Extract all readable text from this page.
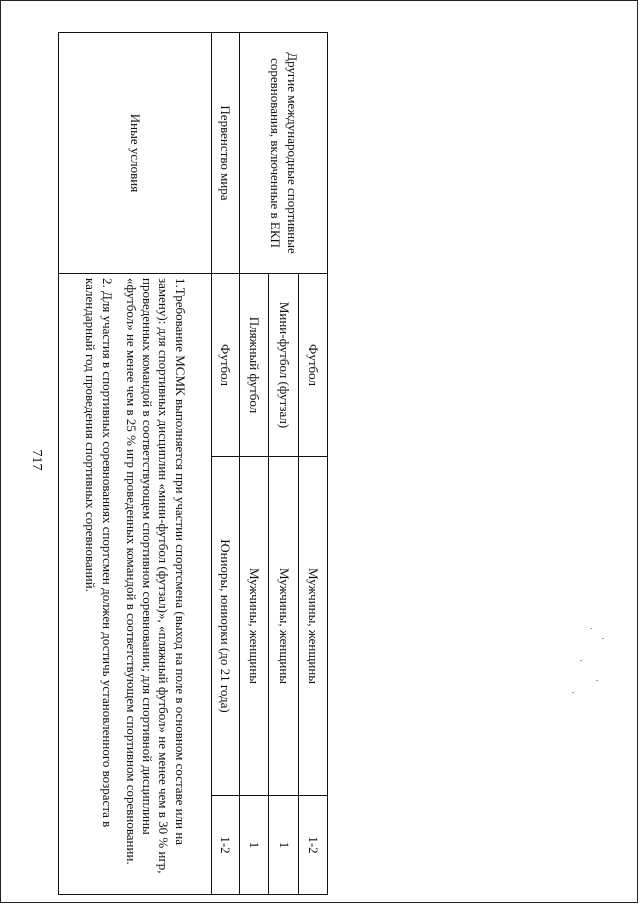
717
Другие международные спортивные соревнования, включенные в ЕКП	Футбол	Мужчины, женщины	1-2
	Мини-футбол (футзал)	Мужчины, женщины	1
	Пляжный футбол	Мужчины, женщины	1
Первенство мира	Футбол	Юниоры, юниорки (до 21 года)	1-2
Иные условия	1.Требование МСМК выполняется при участии спортсмена (выход на поле в основном составе или на замену): для спортивных дисциплин «мини-футбол (футзал)», «пляжный футбол» не менее чем в 30 % игр, проведенных командой в соответствующем спортивном соревновании; для спортивной дисциплины «футбол» не менее чем в 25 % игр проведенных командой в соответствующем спортивном соревновании.

2. Для участия в спортивных соревнованиях спортсмен должен достичь установленного возраста в календарный год проведения спортивных соревнований.		
